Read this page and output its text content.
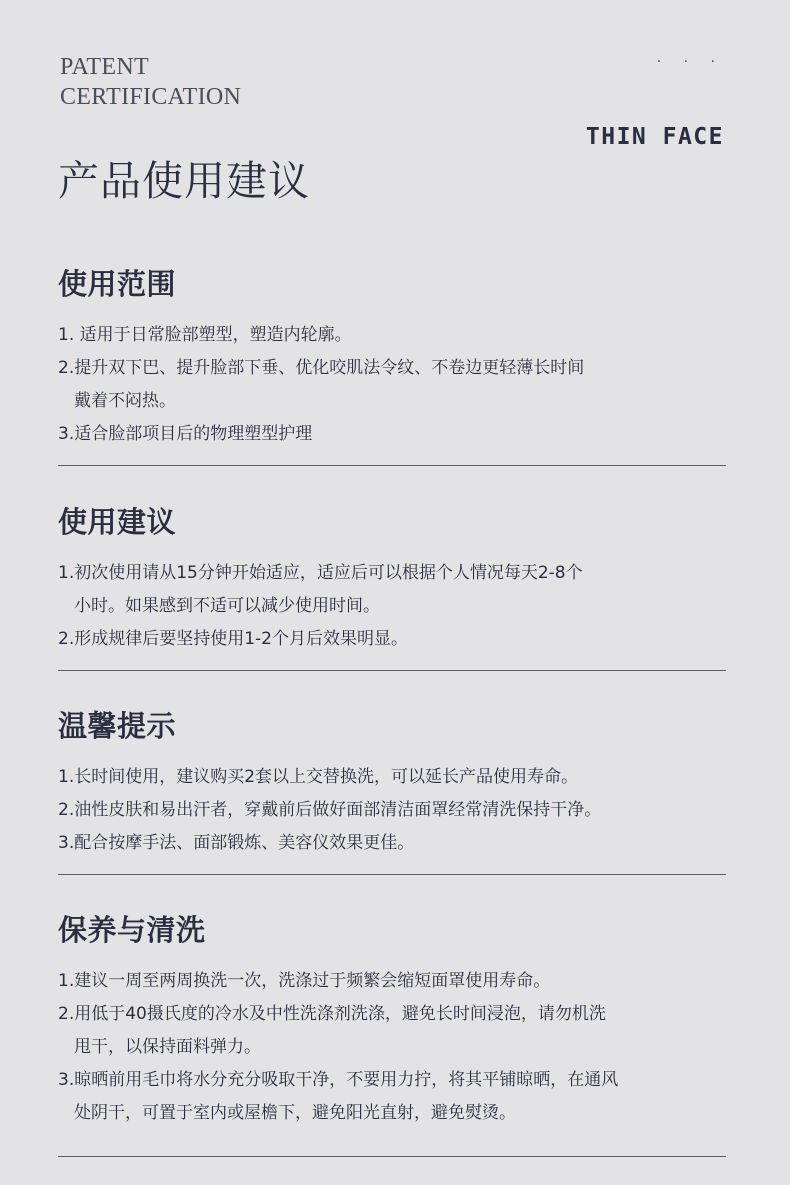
PATENT
CERTIFICATION
· · ·
THIN FACE
产品使用建议
使用范围
1. 适用于日常脸部塑型，塑造内轮廓。
2.提升双下巴、提升脸部下垂、优化咬肌法令纹、不卷边更轻薄长时间
戴着不闷热。
3.适合脸部项目后的物理塑型护理
使用建议
1.初次使用请从15分钟开始适应，适应后可以根据个人情况每天2-8个
小时。如果感到不适可以减少使用时间。
2.形成规律后要坚持使用1-2个月后效果明显。
温馨提示
1.长时间使用，建议购买2套以上交替换洗，可以延长产品使用寿命。
2.油性皮肤和易出汗者，穿戴前后做好面部清洁面罩经常清洗保持干净。
3.配合按摩手法、面部锻炼、美容仪效果更佳。
保养与清洗
1.建议一周至两周换洗一次，洗涤过于频繁会缩短面罩使用寿命。
2.用低于40摄氏度的冷水及中性洗涤剂洗涤，避免长时间浸泡，请勿机洗
甩干，以保持面料弹力。
3.晾晒前用毛巾将水分充分吸取干净，不要用力拧，将其平铺晾晒，在通风
处阴干，可置于室内或屋檐下，避免阳光直射，避免熨烫。
